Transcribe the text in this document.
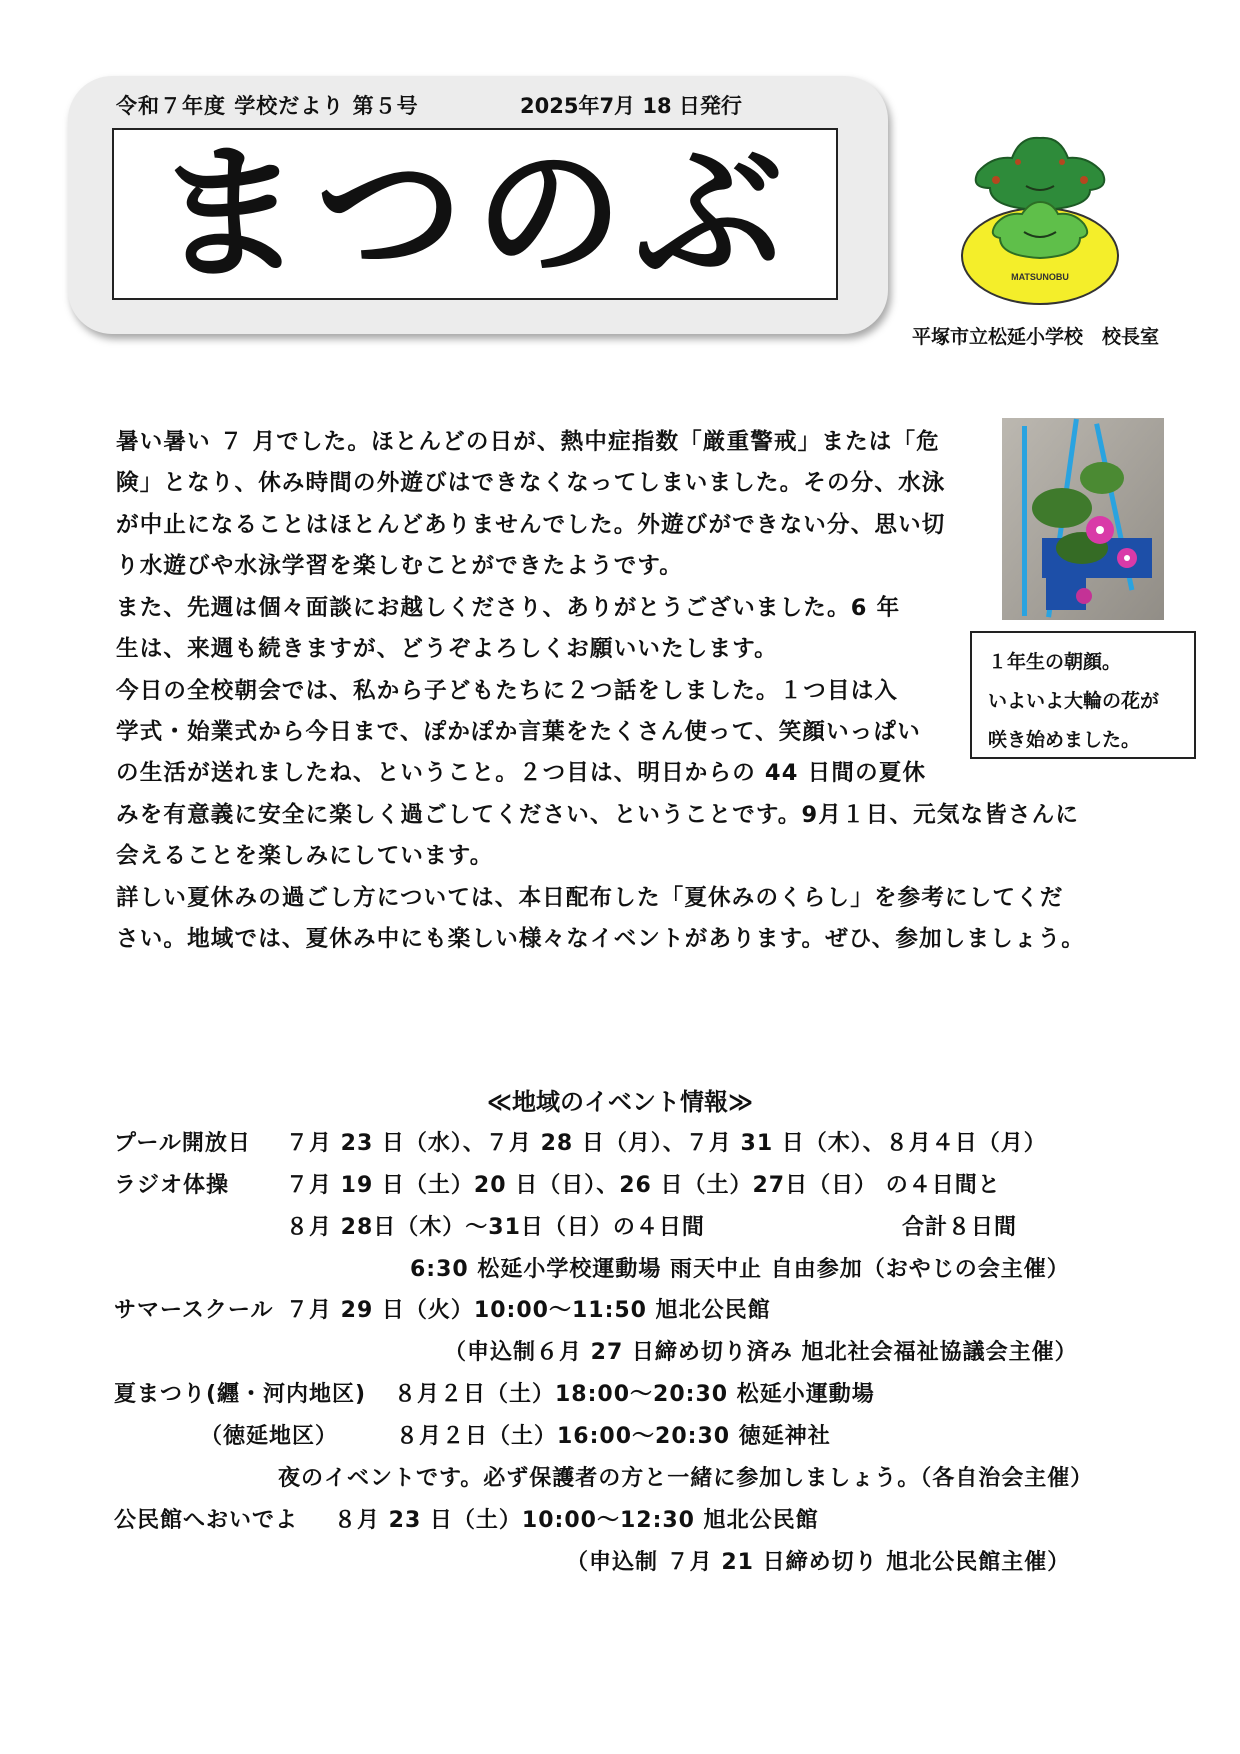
令和７年度 学校だより 第５号	2025年7月 18 日発行
まつのぶ	MATSUNOBU
平塚市立松延小学校　校長室
暑い暑い ７ 月でした。ほとんどの日が、熱中症指数「厳重警戒」または「危
険」となり、休み時間の外遊びはできなくなってしまいました。その分、水泳
が中止になることはほとんどありませんでした。外遊びができない分、思い切
り水遊びや水泳学習を楽しむことができたようです。
また、先週は個々面談にお越しくださり、ありがとうございました。6 年
生は、来週も続きますが、どうぞよろしくお願いいたします。
今日の全校朝会では、私から子どもたちに２つ話をしました。１つ目は入
学式・始業式から今日まで、ぽかぽか言葉をたくさん使って、笑顔いっぱい
の生活が送れましたね、ということ。２つ目は、明日からの 44 日間の夏休
みを有意義に安全に楽しく過ごしてください、ということです。9月１日、元気な皆さんに
会えることを楽しみにしています。
詳しい夏休みの過ごし方については、本日配布した「夏休みのくらし」を参考にしてくだ
さい。地域では、夏休み中にも楽しい様々なイベントがあります。ぜひ、参加しましょう。
１年生の朝顔。
いよいよ大輪の花が
咲き始めました。
≪地域のイベント情報≫
プール開放日 ７月 23 日（水）、７月 28 日（月）、７月 31 日（木）、８月４日（月）
ラジオ体操	７月 19 日（土）20 日（日）、26 日（土）27日（日） の４日間と
８月 28日（木）～31日（日）の４日間	合計８日間
6:30 松延小学校運動場 雨天中止 自由参加（おやじの会主催）
サマースクール ７月 29 日（火）10:00～11:50 旭北公民館
（申込制６月 27 日締め切り済み 旭北社会福祉協議会主催）
夏まつり(纒・河内地区) ８月２日（土）18:00～20:30 松延小運動場
（徳延地区）	８月２日（土）16:00～20:30 徳延神社
夜のイベントです。必ず保護者の方と一緒に参加しましょう。（各自治会主催）
公民館へおいでよ ８月 23 日（土）10:00～12:30 旭北公民館
（申込制 ７月 21 日締め切り 旭北公民館主催）
